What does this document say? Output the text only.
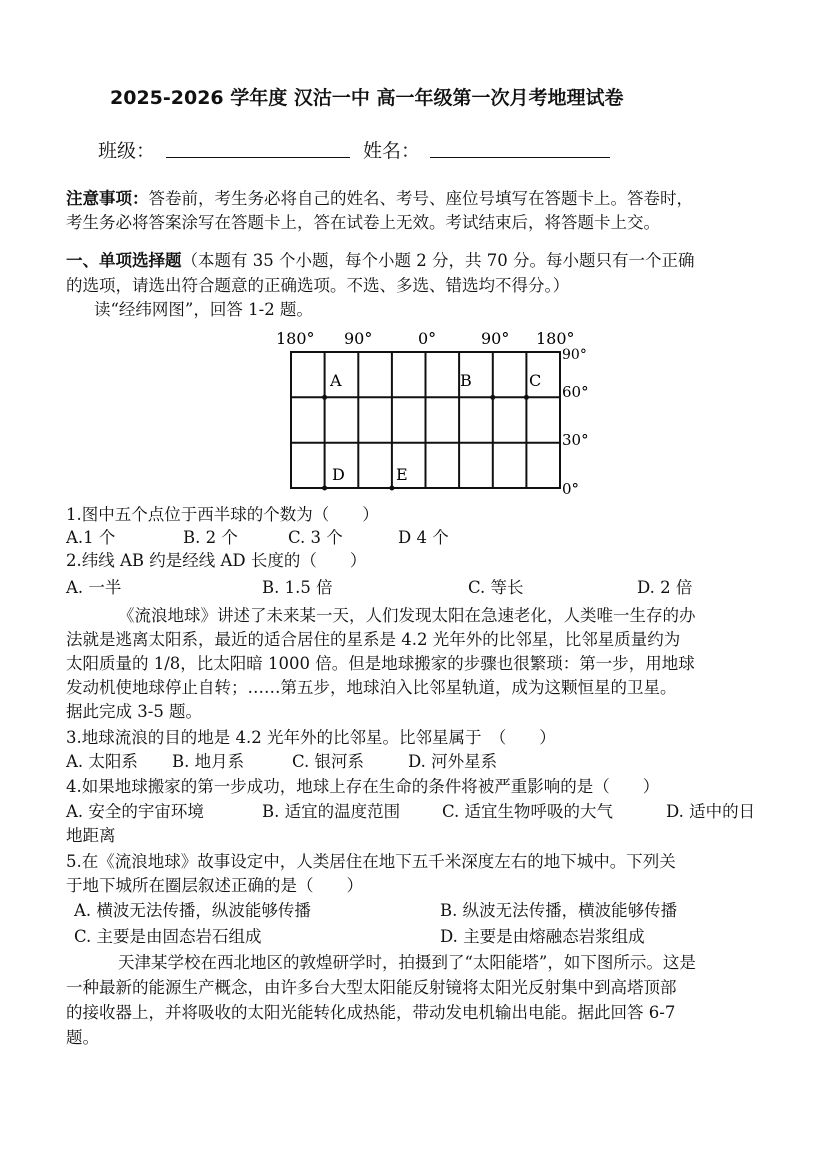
2025-2026 学年度 汉沽一中 高一年级第一次月考地理试卷
班级：	姓名：
注意事项：答卷前，考生务必将自己的姓名、考号、座位号填写在答题卡上。答卷时，
考生务必将答案涂写在答题卡上，答在试卷上无效。考试结束后，将答题卡上交。
一、单项选择题（本题有 35 个小题，每个小题 2 分，共 70 分。每小题只有一个正确
的选项，请选出符合题意的正确选项。不选、多选、错选均不得分。）
读“经纬网图”，回答 1-2 题。
180° 90°	0°	90° 180°
90°
60°
30°
0°
A	B	C
D	E
1.图中五个点位于西半球的个数为（　　）
A.1 个	B. 2 个	C. 3 个	D 4 个
2.纬线 AB 约是经线 AD 长度的（　　）
A. 一半	B. 1.5 倍	C. 等长	D. 2 倍
《流浪地球》讲述了未来某一天，人们发现太阳在急速老化，人类唯一生存的办
法就是逃离太阳系，最近的适合居住的星系是 4.2 光年外的比邻星，比邻星质量约为
太阳质量的 1/8，比太阳暗 1000 倍。但是地球搬家的步骤也很繁琐：第一步，用地球
发动机使地球停止自转；……第五步，地球泊入比邻星轨道，成为这颗恒星的卫星。
据此完成 3-5 题。
3.地球流浪的目的地是 4.2 光年外的比邻星。比邻星属于　（　　）
A. 太阳系 B. 地月系	C. 银河系	D. 河外星系
4.如果地球搬家的第一步成功，地球上存在生命的条件将被严重影响的是（　　）
A. 安全的宇宙环境	B. 适宜的温度范围	C. 适宜生物呼吸的大气	D. 适中的日
地距离
5.在《流浪地球》故事设定中，人类居住在地下五千米深度左右的地下城中。下列关
于地下城所在圈层叙述正确的是（　　）
A. 横波无法传播，纵波能够传播	B. 纵波无法传播，横波能够传播
C. 主要是由固态岩石组成	D. 主要是由熔融态岩浆组成
天津某学校在西北地区的敦煌研学时，拍摄到了“太阳能塔”，如下图所示。这是
一种最新的能源生产概念，由许多台大型太阳能反射镜将太阳光反射集中到高塔顶部
的接收器上，并将吸收的太阳光能转化成热能，带动发电机输出电能。据此回答 6-7
题。
